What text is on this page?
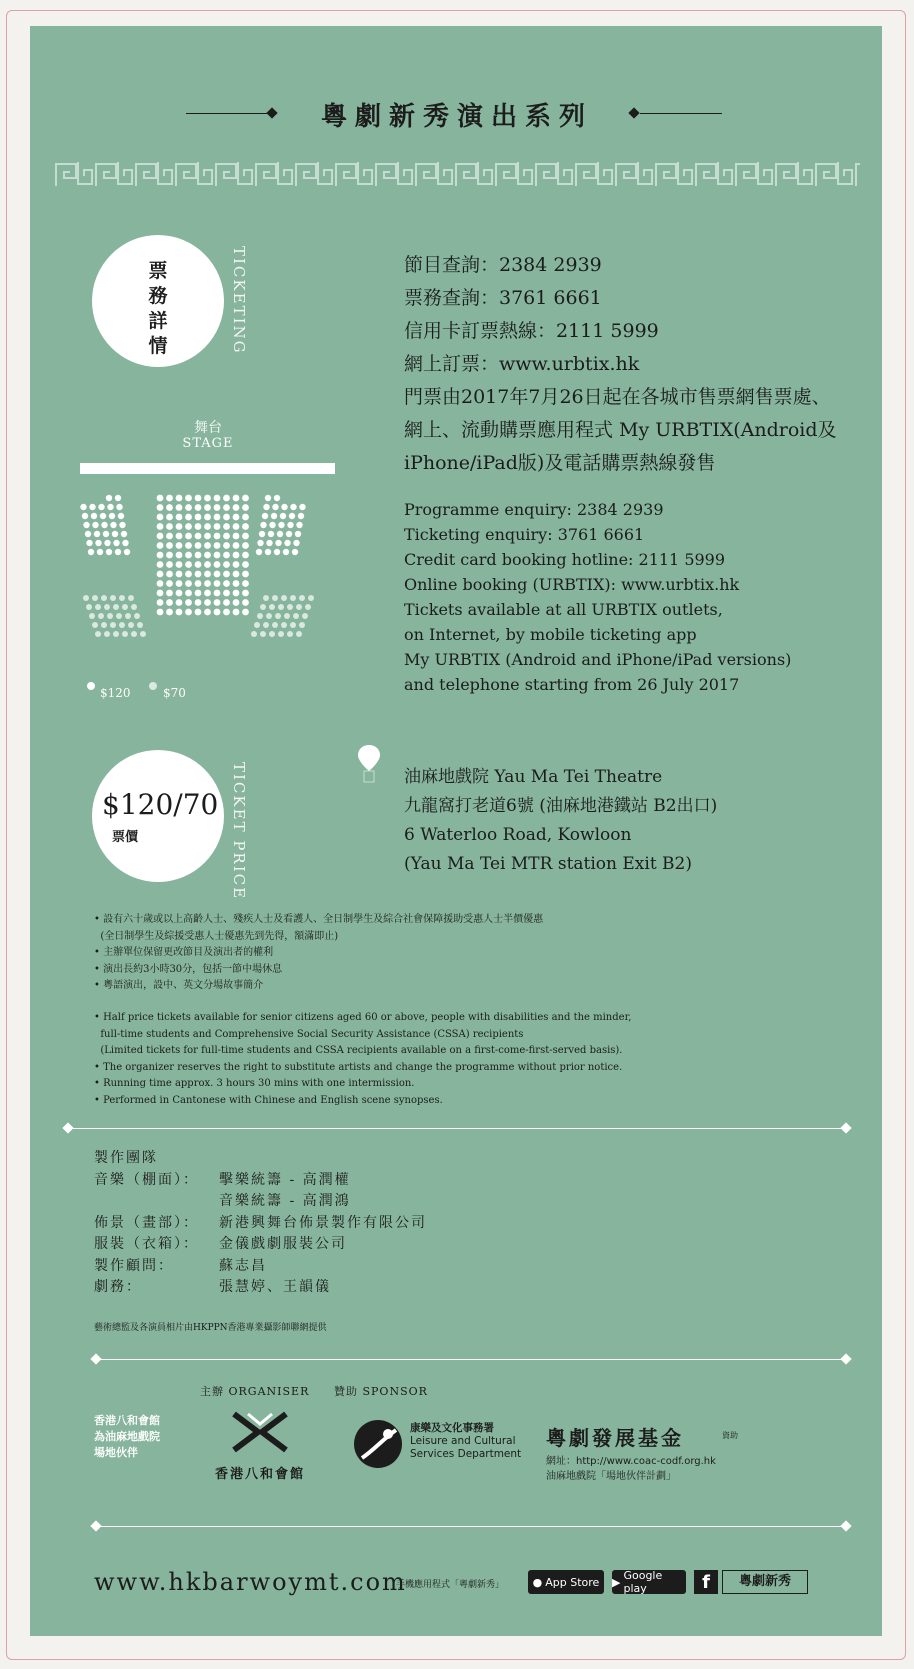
粵劇新秀演出系列
票務詳情	TICKETING
舞台
STAGE
$120	$70
節目查詢：2384 2939
票務查詢：3761 6661
信用卡訂票熱線：2111 5999
網上訂票：www.urbtix.hk
門票由2017年7月26日起在各城市售票網售票處、
網上、流動購票應用程式 My URBTIX(Android及
iPhone/iPad版)及電話購票熱線發售
Programme enquiry: 2384 2939
Ticketing enquiry: 3761 6661
Credit card booking hotline: 2111 5999
Online booking (URBTIX): www.urbtix.hk
Tickets available at all URBTIX outlets,
on Internet, by mobile ticketing app
My URBTIX (Android and iPhone/iPad versions)
and telephone starting from 26 July 2017
$120/70
票價	TICKET PRICE	油麻地戲院 Yau Ma Tei Theatre
九龍窩打老道6號 (油麻地港鐵站 B2出口)
6 Waterloo Road, Kowloon
(Yau Ma Tei MTR station Exit B2)
• 設有六十歲或以上高齡人士、殘疾人士及看護人、全日制學生及綜合社會保障援助受惠人士半價優惠
(全日制學生及綜援受惠人士優惠先到先得，額滿即止)
• 主辦單位保留更改節目及演出者的權利
• 演出長約3小時30分，包括一節中場休息
• 粵語演出，設中、英文分場故事簡介
• Half price tickets available for senior citizens aged 60 or above, people with disabilities and the minder,
full-time students and Comprehensive Social Security Assistance (CSSA) recipients
(Limited tickets for full-time students and CSSA recipients available on a first-come-first-served basis).
• The organizer reserves the right to substitute artists and change the programme without prior notice.
• Running time approx. 3 hours 30 mins with one intermission.
• Performed in Cantonese with Chinese and English scene synopses.
製作團隊
音樂（棚面）：	擊樂統籌 - 高潤權
音樂統籌 - 高潤鴻
佈景（畫部）：	新港興舞台佈景製作有限公司
服裝（衣箱）：	金儀戲劇服裝公司
製作顧問：	蘇志昌
劇務：	張慧婷、王韻儀
藝術總監及各演員相片由HKPPN香港專業攝影師聯網提供
主辦 ORGANISER 贊助 SPONSOR
香港八和會館
為油麻地戲院
場地伙伴
香港八和會館
康樂及文化事務署
Leisure and Cultural
Services Department
粵劇發展基金	資助
網址：http://www.coac-codf.org.hk
油麻地戲院「場地伙伴計劃」
www.hkbarwoymt.com
手機應用程式「粵劇新秀」	● App Store ▶ Google play	f	粵劇新秀
